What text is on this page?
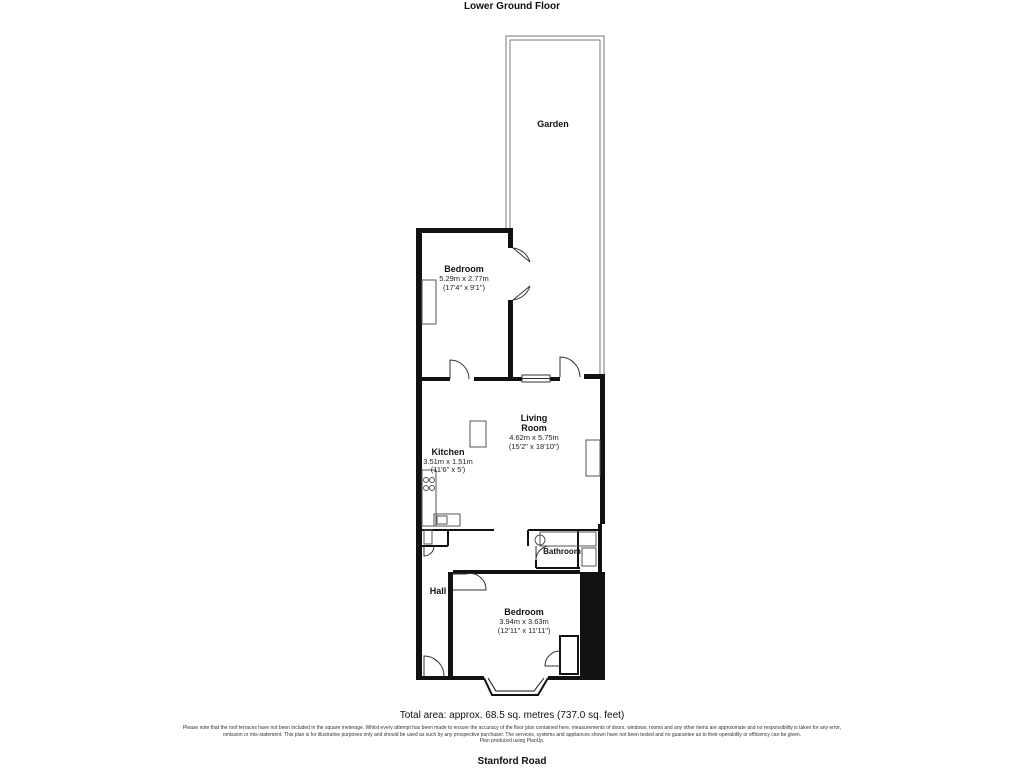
Lower Ground Floor
Garden
Bedroom
5.29m x 2.77m
(17'4" x 9'1")
Living
Room
4.62m x 5.75m
(15'2" x 18'10")
Kitchen
3.51m x 1.51m
(11'6" x 5')
Bathroom
Hall
Bedroom
3.94m x 3.63m
(12'11" x 11'11")
Total area: approx. 68.5 sq. metres (737.0 sq. feet)
Please note that the roof terraces have not been included in the square meterage. Whilst every attempt has been made to ensure the accuracy of the floor plan contained here, measurements of doors, windows, rooms and any other items are approximate and no responsibility is taken for any error, omission or mis-statement. This plan is for illustrative purposes only and should be used as such by any prospective purchaser. The services, systems and appliances shown have not been tested and no guarantee as to their operability or efficiency can be given.
Plan produced using PlanUp.
Stanford Road
